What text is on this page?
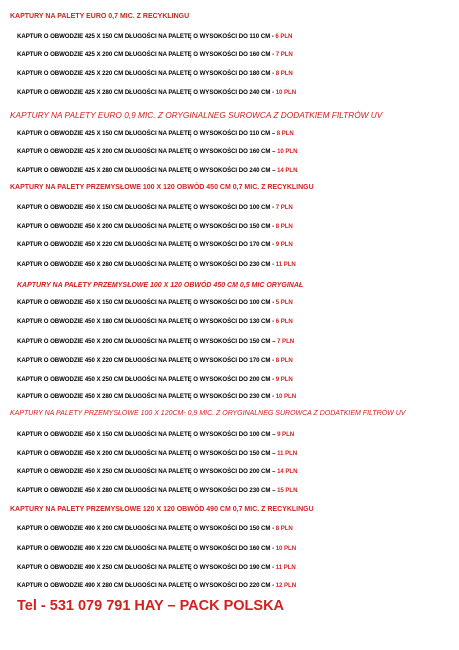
KAPTURY NA PALETY EURO 0,7 MIC. Z RECYKLINGU
KAPTUR O OBWODZIE 425 X 150 CM DŁUGOŚCI NA PALETĘ O WYSOKOŚCI DO 110 CM - 6 PLN
KAPTUR O OBWODZIE 425 X 200 CM DŁUGOŚCI NA PALETĘ O WYSOKOŚCI DO 160 CM - 7 PLN
KAPTUR O OBWODZIE 425 X 220 CM DŁUGOŚCI NA PALETĘ O WYSOKOŚCI DO 180 CM - 8 PLN
KAPTUR O OBWODZIE 425 X 280 CM DŁUGOŚCI NA PALETĘ O WYSOKOŚCI DO 240 CM - 10 PLN
KAPTURY NA PALETY EURO 0,9 MIC. Z ORYGINALNEG SUROWCA Z DODATKIEM FILTRÓW UV
KAPTUR O OBWODZIE 425 X 150 CM DŁUGOŚCI NA PALETĘ O WYSOKOŚCI DO 110 CM – 8 PLN
KAPTUR O OBWODZIE 425 X 200 CM DŁUGOŚCI NA PALETĘ O WYSOKOŚCI DO 160 CM – 10 PLN
KAPTUR O OBWODZIE 425 X 280 CM DŁUGOŚCI NA PALETĘ O WYSOKOŚCI DO 240 CM – 14 PLN
KAPTURY NA PALETY PRZEMYSŁOWE 100 X 120 OBWÓD 450 CM 0,7 MIC. Z RECYKLINGU
KAPTUR O OBWODZIE 450 X 150 CM DŁUGOŚCI NA PALETĘ O WYSOKOŚCI DO 100 CM - 7 PLN
KAPTUR O OBWODZIE 450 X 200 CM DŁUGOŚCI NA PALETĘ O WYSOKOŚCI DO 150 CM - 8 PLN
KAPTUR O OBWODZIE 450 X 220 CM DŁUGOŚCI NA PALETĘ O WYSOKOŚCI DO 170 CM - 9 PLN
KAPTUR O OBWODZIE 450 X 280 CM DŁUGOŚCI NA PALETĘ O WYSOKOŚCI DO 230 CM - 11 PLN
KAPTURY NA PALETY PRZEMYSŁOWE 100 X 120 OBWÓD 450 CM 0,5 MIC ORYGINAŁ
KAPTUR O OBWODZIE 450 X 150 CM DŁUGOŚCI NA PALETĘ O WYSOKOŚCI DO 100 CM - 5 PLN
KAPTUR O OBWODZIE 450 X 180 CM DŁUGOŚCI NA PALETĘ O WYSOKOŚCI DO 130 CM - 6 PLN
KAPTUR O OBWODZIE 450 X 200 CM DŁUGOŚCI NA PALETĘ O WYSOKOŚCI DO 150 CM – 7 PLN
KAPTUR O OBWODZIE 450 X 220 CM DŁUGOŚCI NA PALETĘ O WYSOKOŚCI DO 170 CM - 8 PLN
KAPTUR O OBWODZIE 450 X 250 CM DŁUGOŚCI NA PALETĘ O WYSOKOŚCI DO 200 CM - 9 PLN
KAPTUR O OBWODZIE 450 X 280 CM DŁUGOŚCI NA PALETĘ O WYSOKOŚCI DO 230 CM - 10 PLN
KAPTURY NA PALETY PRZEMYSŁOWE 100 X 120CM- 0,9 MIC. Z ORYGINALNEG SUROWCA Z DODATKIEM FILTRÓW UV
KAPTUR O OBWODZIE 450 X 150 CM DŁUGOŚCI NA PALETĘ O WYSOKOŚCI DO 100 CM – 9 PLN
KAPTUR O OBWODZIE 450 X 200 CM DŁUGOŚCI NA PALETĘ O WYSOKOŚCI DO 150 CM – 11 PLN
KAPTUR O OBWODZIE 450 X 250 CM DŁUGOŚCI NA PALETĘ O WYSOKOŚCI DO 200 CM – 14 PLN
KAPTUR O OBWODZIE 450 X 280 CM DŁUGOŚCI NA PALETĘ O WYSOKOŚCI DO 230 CM – 15 PLN
KAPTURY NA PALETY PRZEMYSŁOWE 120 X 120 OBWÓD 490 CM 0,7 MIC. Z RECYKLINGU
KAPTUR O OBWODZIE 490 X 200 CM DŁUGOŚCI NA PALETĘ O WYSOKOŚCI DO 150 CM - 8 PLN
KAPTUR O OBWODZIE 490 X 220 CM DŁUGOŚCI NA PALETĘ O WYSOKOŚCI DO 160 CM - 10 PLN
KAPTUR O OBWODZIE 490 X 250 CM DŁUGOŚCI NA PALETĘ O WYSOKOŚCI DO 190 CM - 11 PLN
KAPTUR O OBWODZIE 490 X 280 CM DŁUGOŚCI NA PALETĘ O WYSOKOŚCI DO 220 CM - 12 PLN
Tel - 531 079 791 HAY – PACK POLSKA
